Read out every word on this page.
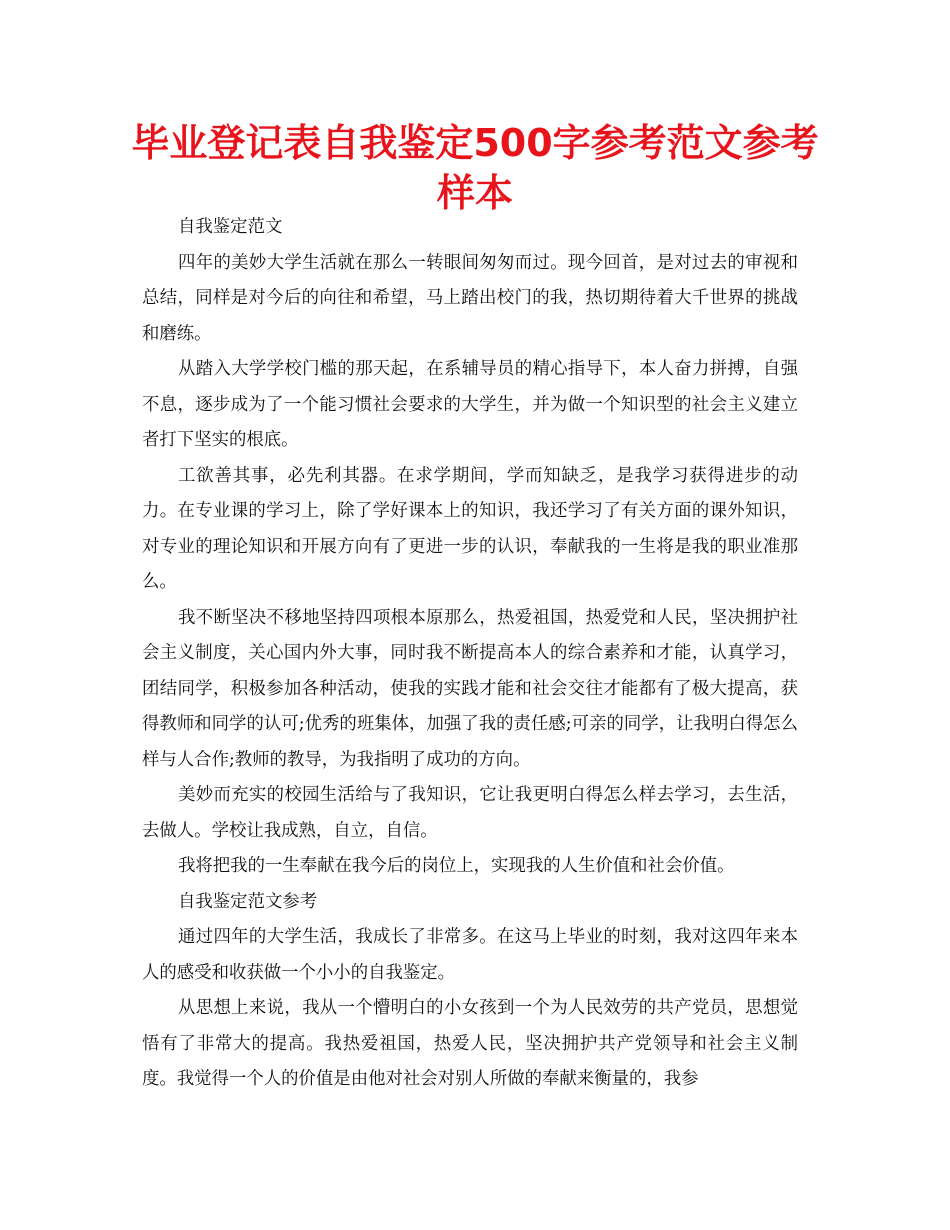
毕业登记表自我鉴定500字参考范文参考样本

自我鉴定范文

四年的美妙大学生活就在那么一转眼间匆匆而过。现今回首，是对过去的审视和总结，同样是对今后的向往和希望，马上踏出校门的我，热切期待着大千世界的挑战和磨练。

从踏入大学学校门槛的那天起，在系辅导员的精心指导下，本人奋力拼搏，自强不息，逐步成为了一个能习惯社会要求的大学生，并为做一个知识型的社会主义建立者打下坚实的根底。

工欲善其事，必先利其器。在求学期间，学而知缺乏，是我学习获得进步的动力。在专业课的学习上，除了学好课本上的知识，我还学习了有关方面的课外知识，对专业的理论知识和开展方向有了更进一步的认识，奉献我的一生将是我的职业准那么。

我不断坚决不移地坚持四项根本原那么，热爱祖国，热爱党和人民，坚决拥护社会主义制度，关心国内外大事，同时我不断提高本人的综合素养和才能，认真学习，团结同学，积极参加各种活动，使我的实践才能和社会交往才能都有了极大提高，获得教师和同学的认可;优秀的班集体，加强了我的责任感;可亲的同学，让我明白得怎么样与人合作;教师的教导，为我指明了成功的方向。

美妙而充实的校园生活给与了我知识，它让我更明白得怎么样去学习，去生活，去做人。学校让我成熟，自立，自信。

我将把我的一生奉献在我今后的岗位上，实现我的人生价值和社会价值。

自我鉴定范文参考

通过四年的大学生活，我成长了非常多。在这马上毕业的时刻，我对这四年来本人的感受和收获做一个小小的自我鉴定。

从思想上来说，我从一个懵明白的小女孩到一个为人民效劳的共产党员，思想觉悟有了非常大的提高。我热爱祖国，热爱人民，坚决拥护共产党领导和社会主义制度。我觉得一个人的价值是由他对社会对别人所做的奉献来衡量的，我参
